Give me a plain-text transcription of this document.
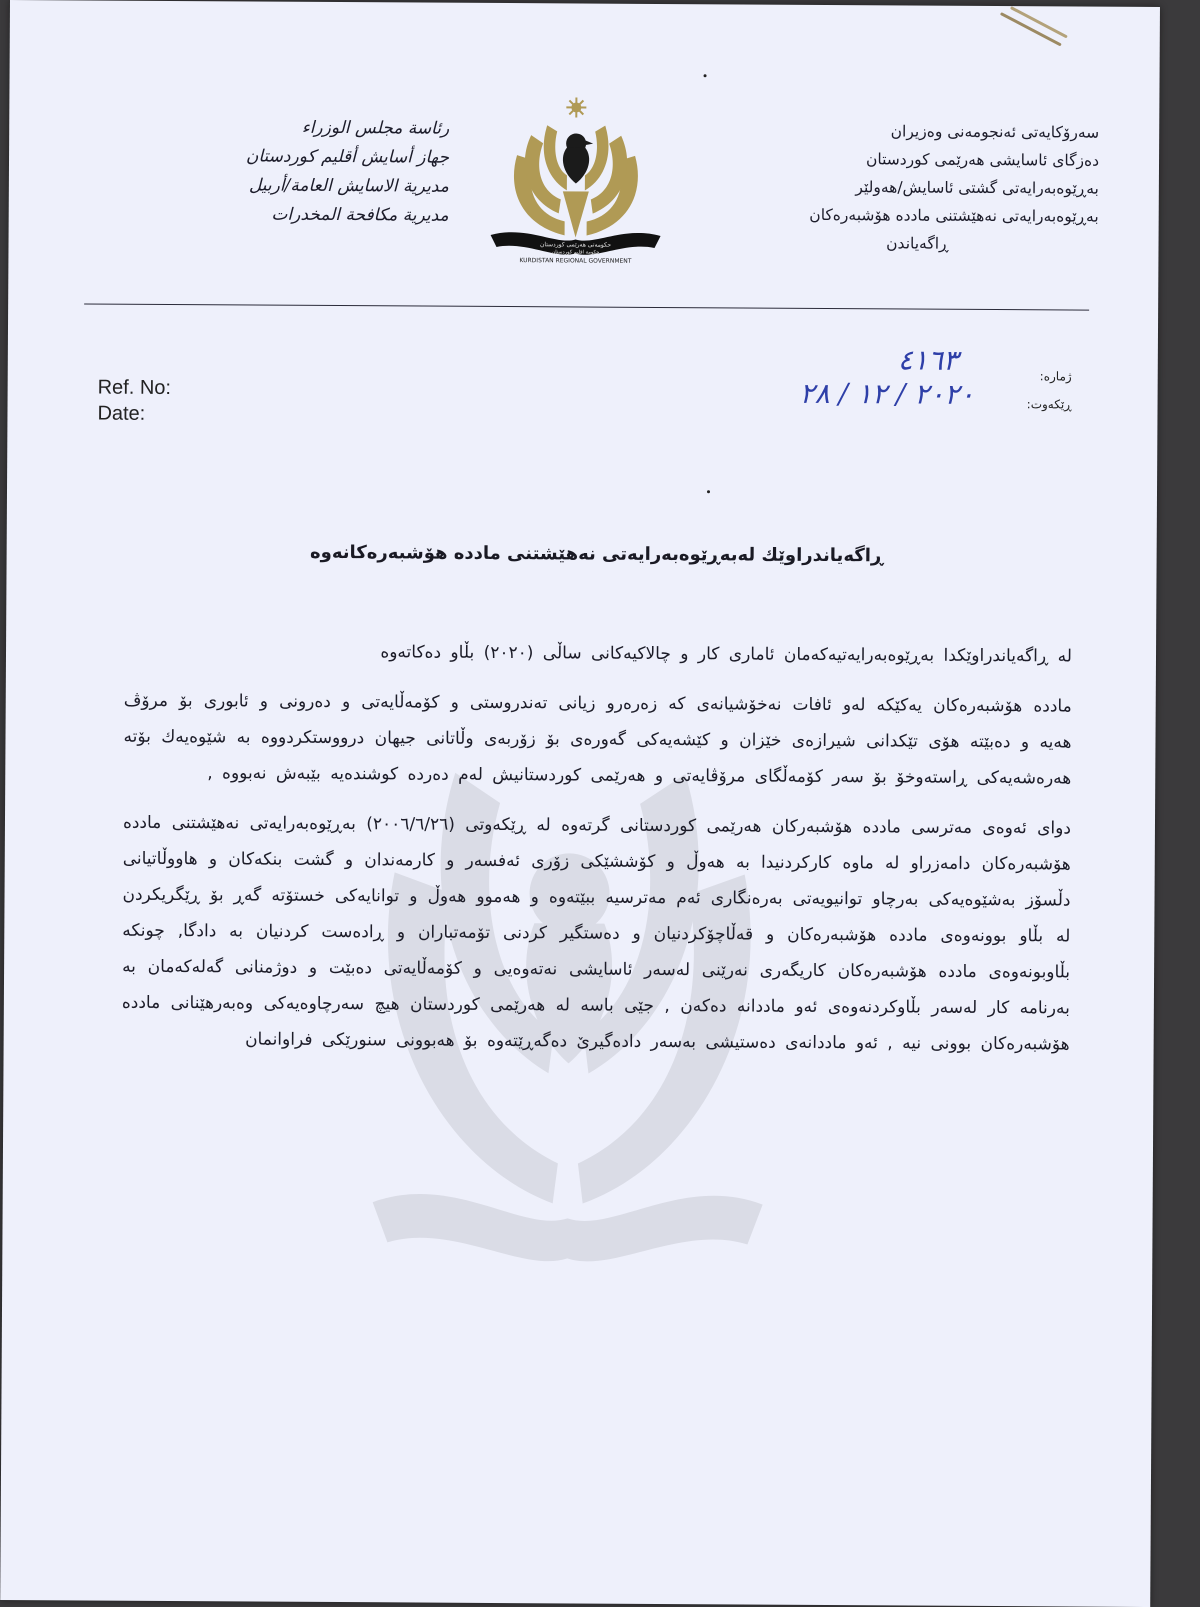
سەرۆکایەتی ئەنجومەنی وەزیران
دەزگای ئاسایشی هەرێمی کوردستان
بەڕێوەبەرایەتی گشتی ئاسایش/هەولێر
بەڕێوەبەرایەتی نەهێشتنی مادده هۆشبەرەکان
ڕاگەیاندن
رئاسة مجلس الوزراء
جهاز أسايش أقليم كوردستان
مديرية الاسايش العامة/أربيل
مديرية مكافحة المخدرات
حکومەتی هەرێمی کوردستان
حكومة اقليم كوردستان
KURDISTAN REGIONAL GOVERNMENT
Ref. No:
Date:
ژمارە:
ڕێکەوت:
٤١٦٣
٢٠٢٠ / ١٢ / ٢٨
ڕاگەیاندراوێك لەبەڕێوەبەرایەتی نەهێشتنی مادده هۆشبەرەکانەوە

لە ڕاگەیاندراوێکدا بەڕێوەبەرایەتیەکەمان ئاماری کار و چالاکیەکانی ساڵی (٢٠٢٠) بڵاو دەکاتەوە

مادده هۆشبەرەکان یەکێکە لەو ئافات نەخۆشیانەی کە زەرەرو زیانی تەندروستی و کۆمەڵایەتی و دەرونی و ئابوری بۆ مرۆڤ هەیە و دەبێتە هۆی تێکدانی شیرازەی خێزان و کێشەیەکی گەورەی بۆ زۆربەی وڵاتانی جیهان درووستکردووە بە شێوەیەك بۆتە هەرەشەیەکی ڕاستەوخۆ بۆ سەر کۆمەڵگای مرۆڤایەتی و هەرێمی کوردستانیش لەم دەردە کوشندەیە بێبەش نەبووە ,

دوای ئەوەی مەترسی مادده هۆشبەرکان هەرێمی کوردستانی گرتەوە لە ڕێکەوتی (٢٠٠٦/٦/٢٦) بەڕێوەبەرایەتی نەهێشتنی مادده هۆشبەرەکان دامەزراو لە ماوە کارکردنیدا بە هەوڵ و کۆششێکی زۆری ئەفسەر و کارمەندان و گشت بنکەکان و هاووڵاتیانی دڵسۆز بەشێوەیەکی بەرچاو توانیویەتی بەرەنگاری ئەم مەترسیە ببێتەوە و هەموو هەوڵ و توانایەکی خستۆتە گەڕ بۆ ڕێگریکردن لە بڵاو بوونەوەی مادده هۆشبەرەکان و قەڵاچۆکردنیان و دەستگیر کردنی تۆمەتباران و ڕادەست کردنیان بە دادگا, چونکە بڵاوبونەوەی مادده هۆشبەرەکان کاریگەری نەرێنی لەسەر ئاسایشی نەتەوەیی و کۆمەڵایەتی دەبێت و دوژمنانی گەلەکەمان بە بەرنامە کار لەسەر بڵاوکردنەوەی ئەو ماددانە دەکەن , جێی باسە لە هەرێمی کوردستان هیچ سەرچاوەیەکی وەبەرهێنانی مادده هۆشبەرەکان بوونی نیە , ئەو ماددانەی دەستیشی بەسەر دادەگیرێ دەگەڕێتەوە بۆ هەبوونی سنورێکی فراوانمان
